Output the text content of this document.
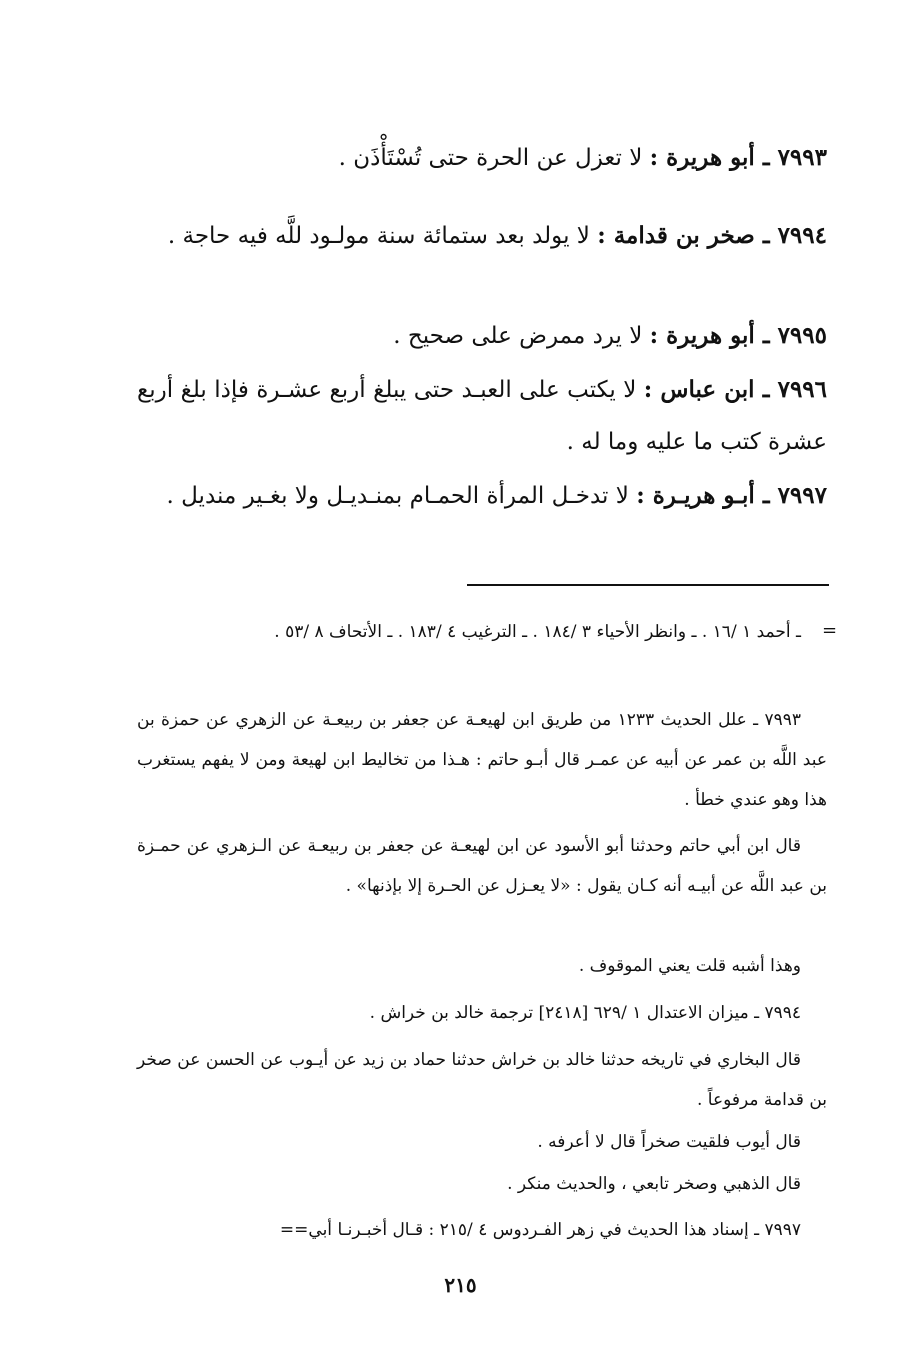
٧٩٩٣ ـ أبو هريرة : لا تعزل عن الحرة حتى تُسْتَأْذَن .

٧٩٩٤ ـ صخر بن قدامة : لا يولد بعد ستمائة سنة مولـود للَّه فيه حاجة .

٧٩٩٥ ـ أبو هريرة : لا يرد ممرض على صحيح .

٧٩٩٦ ـ ابن عباس : لا يكتب على العبـد حتى يبلغ أربع عشـرة فإذا بلغ أربع عشرة كتب ما عليه وما له .

٧٩٩٧ ـ أبـو هريـرة : لا تدخـل المرأة الحمـام بمنـديـل ولا بغـير منديل .

=

ـ أحمد ١ /١٦ . ـ وانظر الأحياء ٣ /١٨٤ . ـ الترغيب ٤ /١٨٣ . ـ الأتحاف ٨ /٥٣ .

٧٩٩٣ ـ علل الحديث ١٢٣٣ من طريق ابن لهيعـة عن جعفر بن ربيعـة عن الزهري عن حمزة بن عبد اللَّه بن عمر عن أبيه عن عمـر قال أبـو حاتم : هـذا من تخاليط ابن لهيعة ومن لا يفهم يستغرب هذا وهو عندي خطأ .

قال ابن أبي حاتم وحدثنا أبو الأسود عن ابن لهيعـة عن جعفر بن ربيعـة عن الـزهري عن حمـزة بن عبد اللَّه عن أبيـه أنه كـان يقول : «لا يعـزل عن الحـرة إلا بإذنها» .

وهذا أشبه قلت يعني الموقوف .

٧٩٩٤ ـ ميزان الاعتدال ١ /٦٢٩ [٢٤١٨] ترجمة خالد بن خراش .

قال البخاري في تاريخه حدثنا خالد بن خراش حدثنا حماد بن زيد عن أيـوب عن الحسن عن صخر بن قدامة مرفوعاً .

قال أيوب فلقيت صخراً قال لا أعرفه .

قال الذهبي وصخر تابعي ، والحديث منكر .

٧٩٩٧ ـ إسناد هذا الحديث في زهر الفـردوس ٤ /٢١٥ : قـال أخبـرنـا أبي==

٢١٥
